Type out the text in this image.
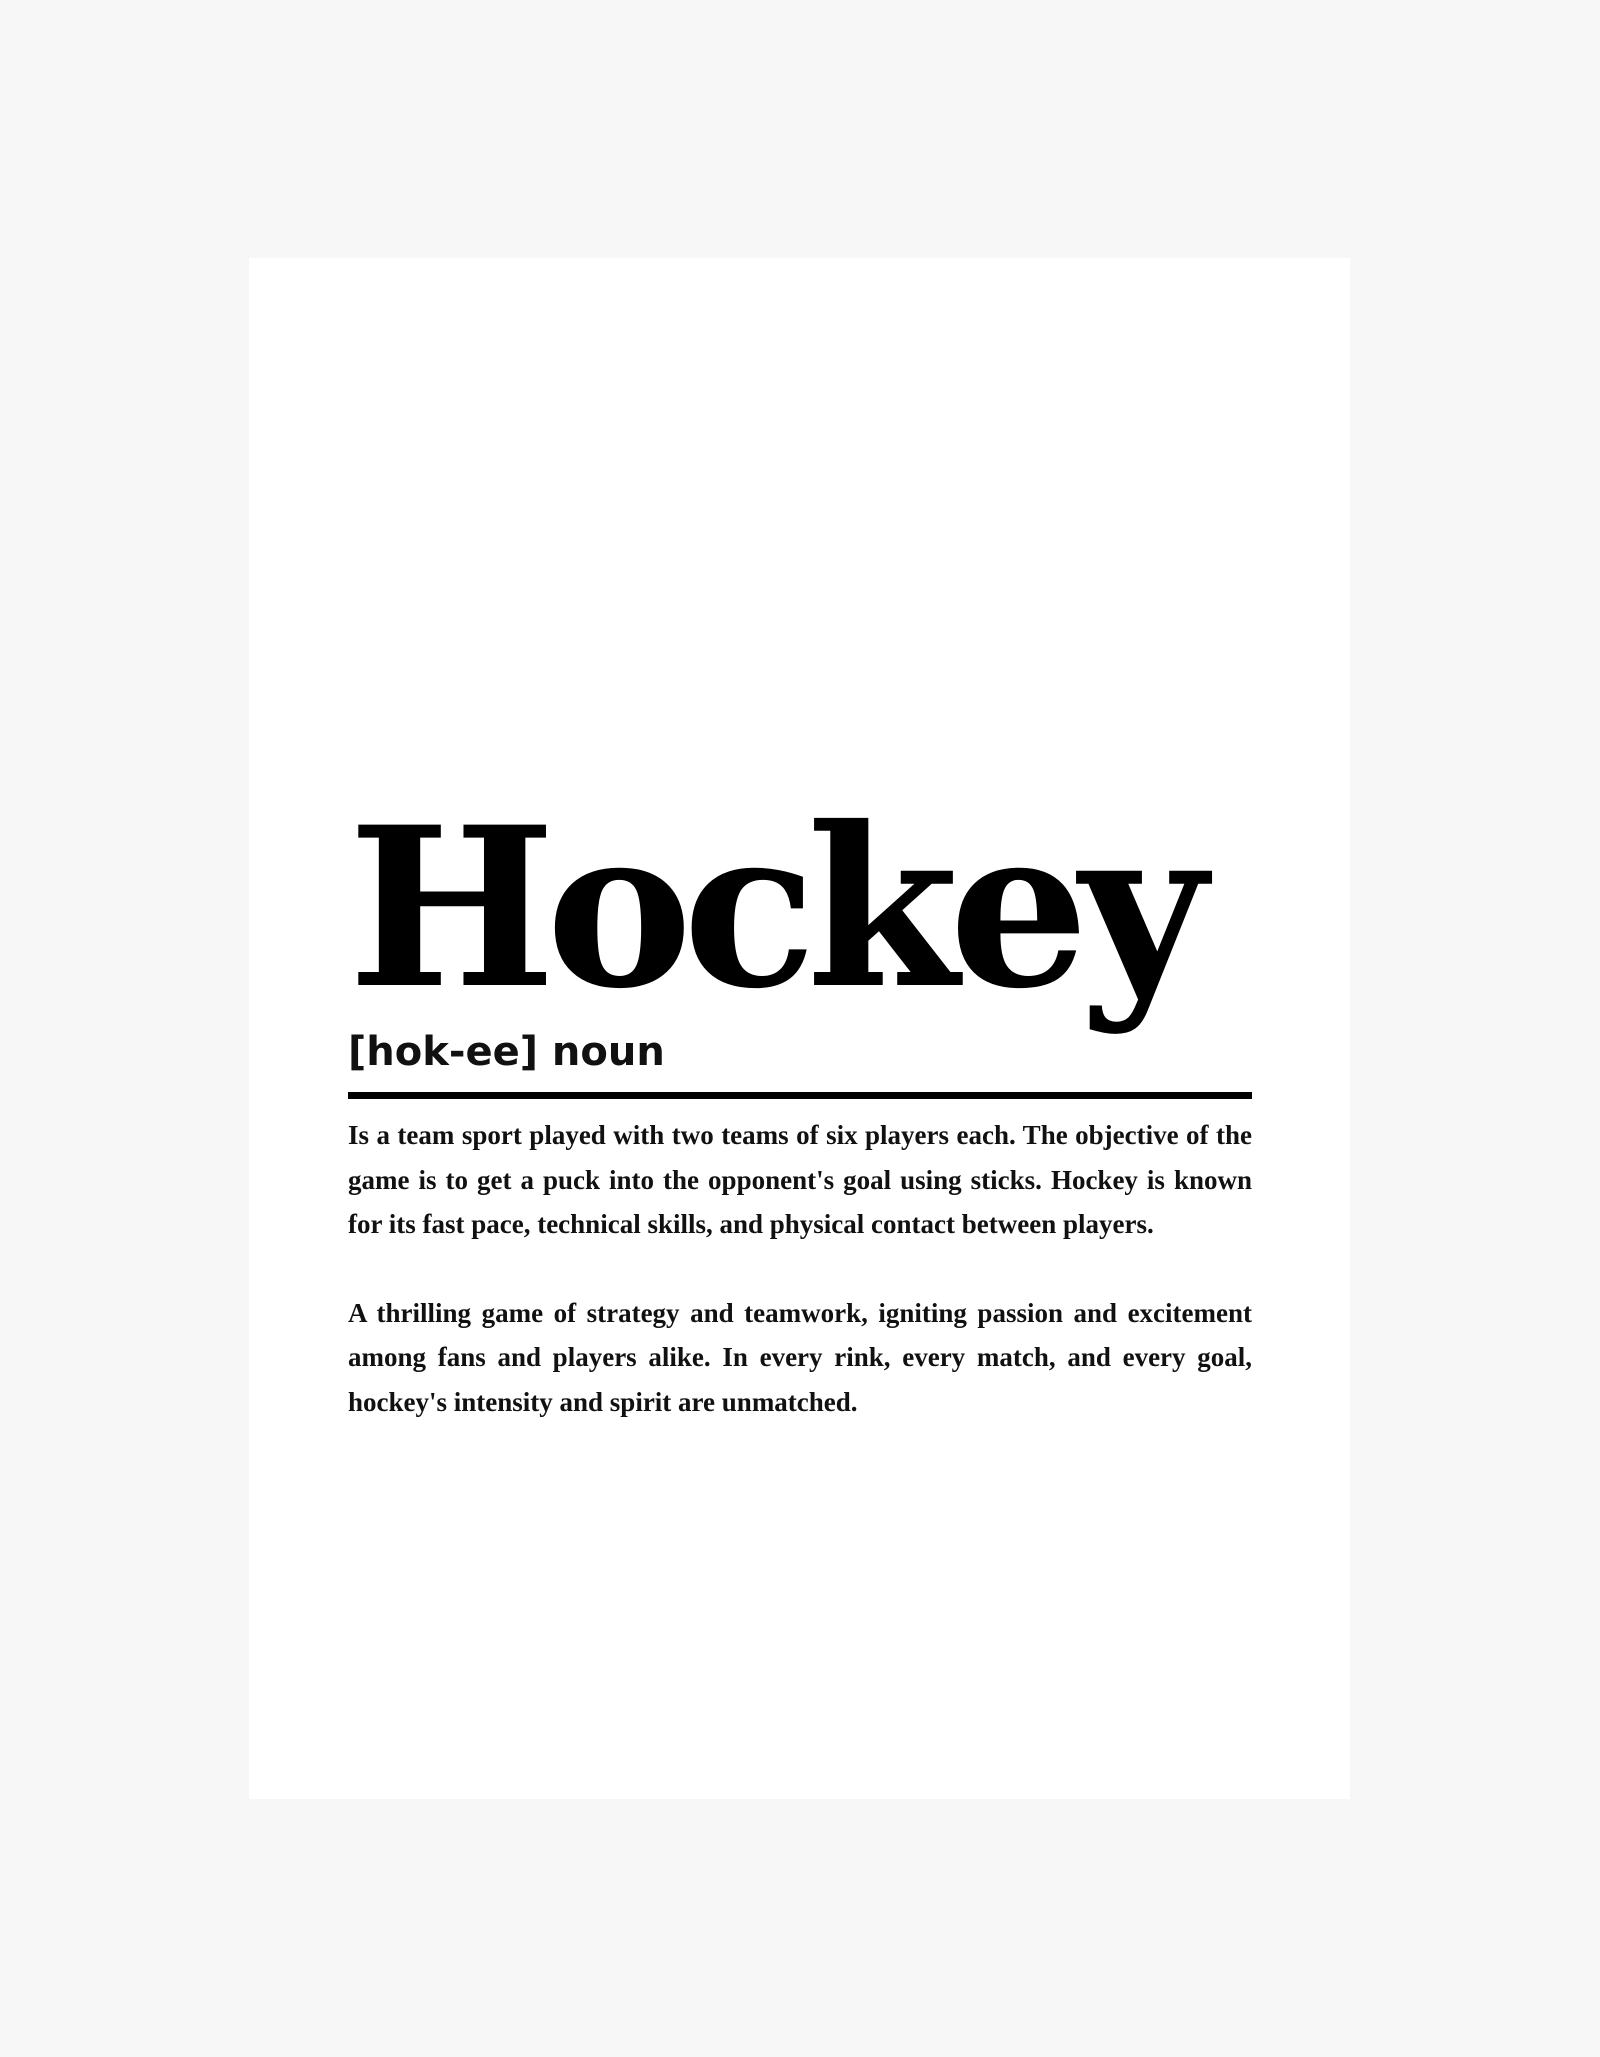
Hockey
[hok-ee] noun

Is a team sport played with two teams of six players each. The objective of the game is to get a puck into the opponent's goal using sticks. Hockey is known for its fast pace, technical skills, and physical contact between players.

A thrilling game of strategy and teamwork, igniting passion and excitement among fans and players alike. In every rink, every match, and every goal, hockey's intensity and spirit are unmatched.
